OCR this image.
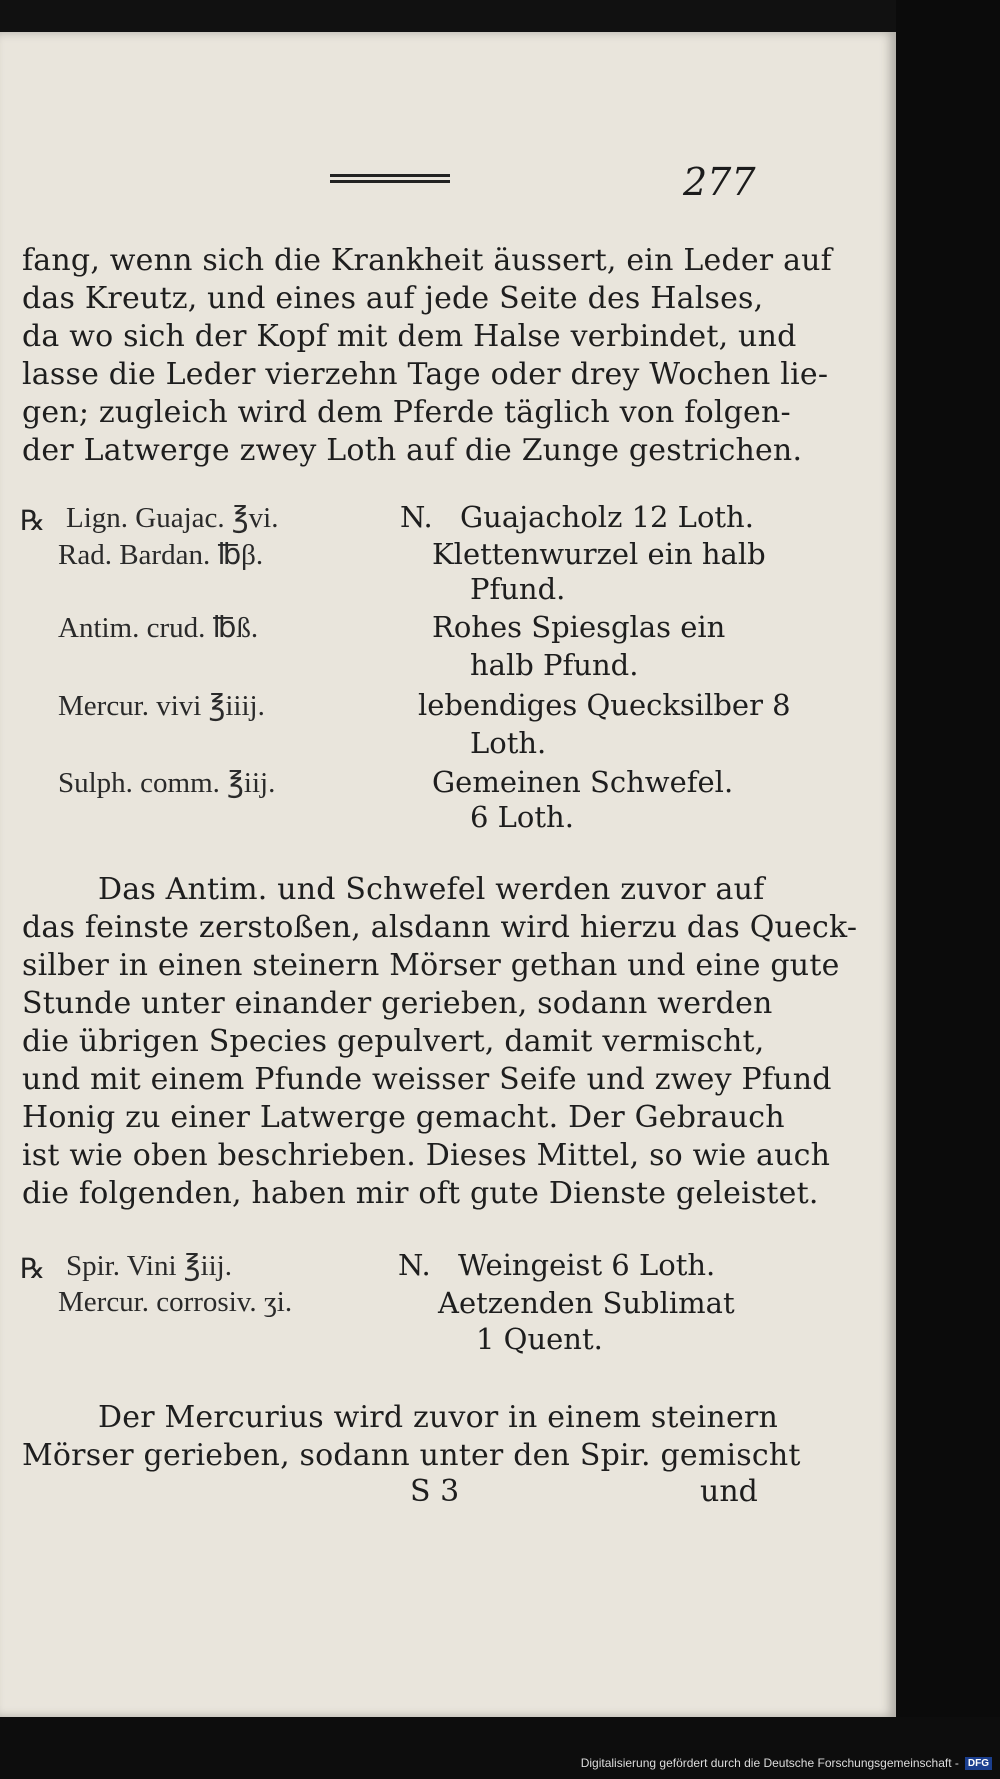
Digitalisierung gefördert durch die Deutsche Forschungsgemeinschaft - DFG
277
fang, wenn sich die Krankheit äussert, ein Leder auf
das Kreutz, und eines auf jede Seite des Halses,
da wo sich der Kopf mit dem Halse verbindet, und
lasse die Leder vierzehn Tage oder drey Wochen lie-
gen; zugleich wird dem Pferde täglich von folgen-
der Latwerge zwey Loth auf die Zunge gestrichen.
℞ Lign. Guajac. ℥vi.
Rad. Bardan. ℔β.
Antim. crud. ℔ß.
Mercur. vivi ℥iiij.
Sulph. comm. ℥iij.
N. Guajacholz 12 Loth.
Klettenwurzel ein halb
Pfund.
Rohes Spiesglas ein
halb Pfund.
lebendiges Quecksilber 8
Loth.
Gemeinen Schwefel.
6 Loth.
Das Antim. und Schwefel werden zuvor auf
das feinste zerstoßen, alsdann wird hierzu das Queck-
silber in einen steinern Mörser gethan und eine gute
Stunde unter einander gerieben, sodann werden
die übrigen Species gepulvert, damit vermischt,
und mit einem Pfunde weisser Seife und zwey Pfund
Honig zu einer Latwerge gemacht. Der Gebrauch
ist wie oben beschrieben. Dieses Mittel, so wie auch
die folgenden, haben mir oft gute Dienste geleistet.
℞ Spir. Vini ℥iij.
Mercur. corrosiv. ʒi.
N. Weingeist 6 Loth.
Aetzenden Sublimat
1 Quent.
Der Mercurius wird zuvor in einem steinern
Mörser gerieben, sodann unter den Spir. gemischt
S 3	und
